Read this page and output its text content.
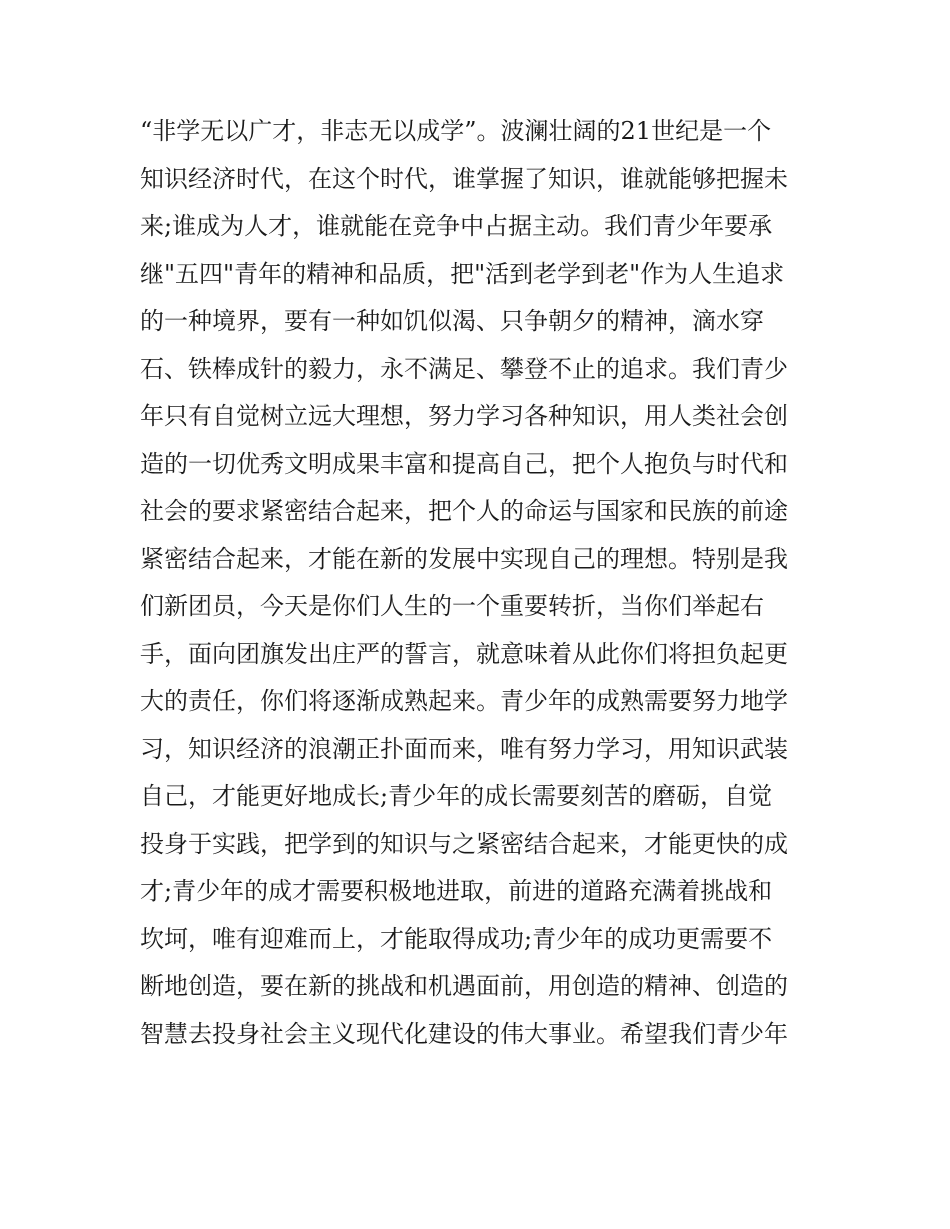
“非学无以广才，非志无以成学”。波澜壮阔的21世纪是一个
知识经济时代，在这个时代，谁掌握了知识，谁就能够把握未
来;谁成为人才，谁就能在竞争中占据主动。我们青少年要承
继"五四"青年的精神和品质，把"活到老学到老"作为人生追求
的一种境界，要有一种如饥似渴、只争朝夕的精神，滴水穿
石、铁棒成针的毅力，永不满足、攀登不止的追求。我们青少
年只有自觉树立远大理想，努力学习各种知识，用人类社会创
造的一切优秀文明成果丰富和提高自己，把个人抱负与时代和
社会的要求紧密结合起来，把个人的命运与国家和民族的前途
紧密结合起来，才能在新的发展中实现自己的理想。特别是我
们新团员，今天是你们人生的一个重要转折，当你们举起右
手，面向团旗发出庄严的誓言，就意味着从此你们将担负起更
大的责任，你们将逐渐成熟起来。青少年的成熟需要努力地学
习，知识经济的浪潮正扑面而来，唯有努力学习，用知识武装
自己，才能更好地成长;青少年的成长需要刻苦的磨砺，自觉
投身于实践，把学到的知识与之紧密结合起来，才能更快的成
才;青少年的成才需要积极地进取，前进的道路充满着挑战和
坎坷，唯有迎难而上，才能取得成功;青少年的成功更需要不
断地创造，要在新的挑战和机遇面前，用创造的精神、创造的
智慧去投身社会主义现代化建设的伟大事业。希望我们青少年
